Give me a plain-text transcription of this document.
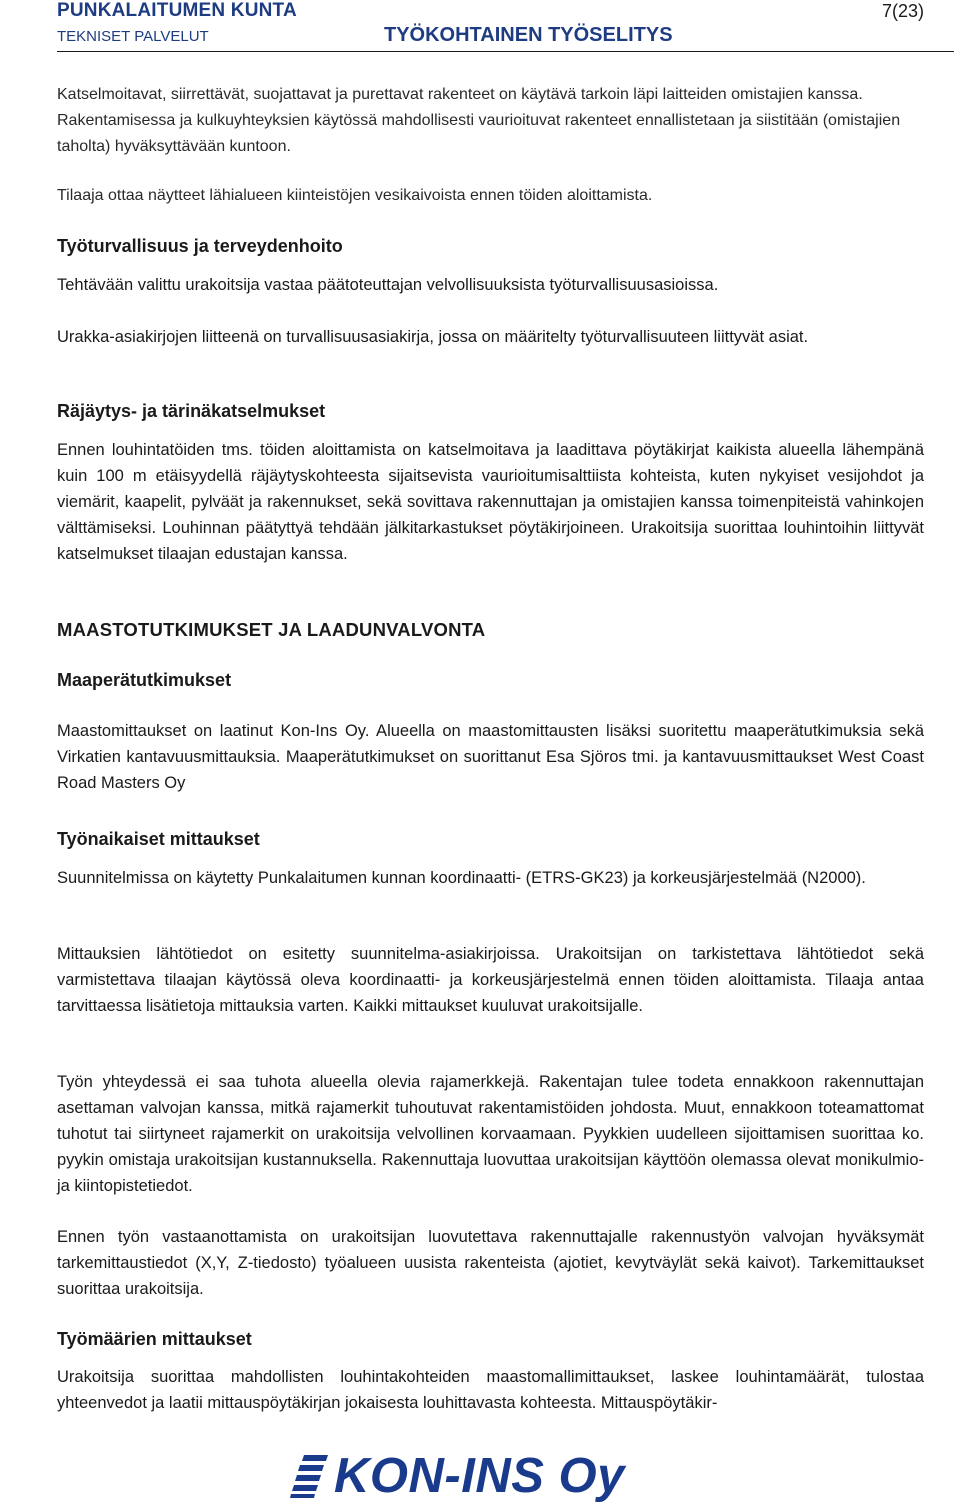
PUNKALAITUMEN KUNTA
TEKNISET PALVELUT	TYÖKOHTAINEN TYÖSELITYS
7(23)

Katselmoitavat, siirrettävät, suojattavat ja purettavat rakenteet on käytävä tarkoin läpi laitteiden omistajien kanssa. Rakentamisessa ja kulkuyhteyksien käytössä mahdollisesti vaurioituvat rakenteet ennallistetaan ja siistitään (omistajien taholta) hyväksyttävään kuntoon.

Tilaaja ottaa näytteet lähialueen kiinteistöjen vesikaivoista ennen töiden aloittamista.

Työturvallisuus ja terveydenhoito

Tehtävään valittu urakoitsija vastaa päätoteuttajan velvollisuuksista työturvallisuusasioissa.

Urakka-asiakirjojen liitteenä on turvallisuusasiakirja, jossa on määritelty työturvallisuuteen liittyvät asiat.

Räjäytys- ja tärinäkatselmukset

Ennen louhintatöiden tms. töiden aloittamista on katselmoitava ja laadittava pöytäkirjat kaikista alueella lähempänä kuin 100 m etäisyydellä räjäytyskohteesta sijaitsevista vaurioitumisalttiista kohteista, kuten nykyiset vesijohdot ja viemärit, kaapelit, pylväät ja rakennukset, sekä sovittava rakennuttajan ja omistajien kanssa toimenpiteistä vahinkojen välttämiseksi. Louhinnan päätyttyä tehdään jälkitarkastukset pöytäkirjoineen. Urakoitsija suorittaa louhintoihin liittyvät katselmukset tilaajan edustajan kanssa.

MAASTOTUTKIMUKSET JA LAADUNVALVONTA

Maaperätutkimukset

Maastomittaukset on laatinut Kon-Ins Oy. Alueella on maastomittausten lisäksi suoritettu maaperätutkimuksia sekä Virkatien kantavuusmittauksia. Maaperätutkimukset on suorittanut Esa Sjöros tmi. ja kantavuusmittaukset West Coast Road Masters Oy

Työnaikaiset mittaukset

Suunnitelmissa on käytetty Punkalaitumen kunnan koordinaatti- (ETRS-GK23) ja korkeusjärjestelmää (N2000).

Mittauksien lähtötiedot on esitetty suunnitelma-asiakirjoissa. Urakoitsijan on tarkistettava lähtötiedot sekä varmistettava tilaajan käytössä oleva koordinaatti- ja korkeusjärjestelmä ennen töiden aloittamista. Tilaaja antaa tarvittaessa lisätietoja mittauksia varten. Kaikki mittaukset kuuluvat urakoitsijalle.

Työn yhteydessä ei saa tuhota alueella olevia rajamerkkejä. Rakentajan tulee todeta ennakkoon rakennuttajan asettaman valvojan kanssa, mitkä rajamerkit tuhoutuvat rakentamistöiden johdosta. Muut, ennakkoon toteamattomat tuhotut tai siirtyneet rajamerkit on urakoitsija velvollinen korvaamaan. Pyykkien uudelleen sijoittamisen suorittaa ko. pyykin omistaja urakoitsijan kustannuksella. Rakennuttaja luovuttaa urakoitsijan käyttöön olemassa olevat monikulmio- ja kiintopistetiedot.

Ennen työn vastaanottamista on urakoitsijan luovutettava rakennuttajalle rakennustyön valvojan hyväksymät tarkemittaustiedot (X,Y, Z-tiedosto) työalueen uusista rakenteista (ajotiet, kevytväylät sekä kaivot). Tarkemittaukset suorittaa urakoitsija.

Työmäärien mittaukset

Urakoitsija suorittaa mahdollisten louhintakohteiden maastomallimittaukset, laskee louhintamäärät, tulostaa yhteenvedot ja laatii mittauspöytäkirjan jokaisesta louhittavasta kohteesta. Mittauspöytäkir-

KON-INS Oy
